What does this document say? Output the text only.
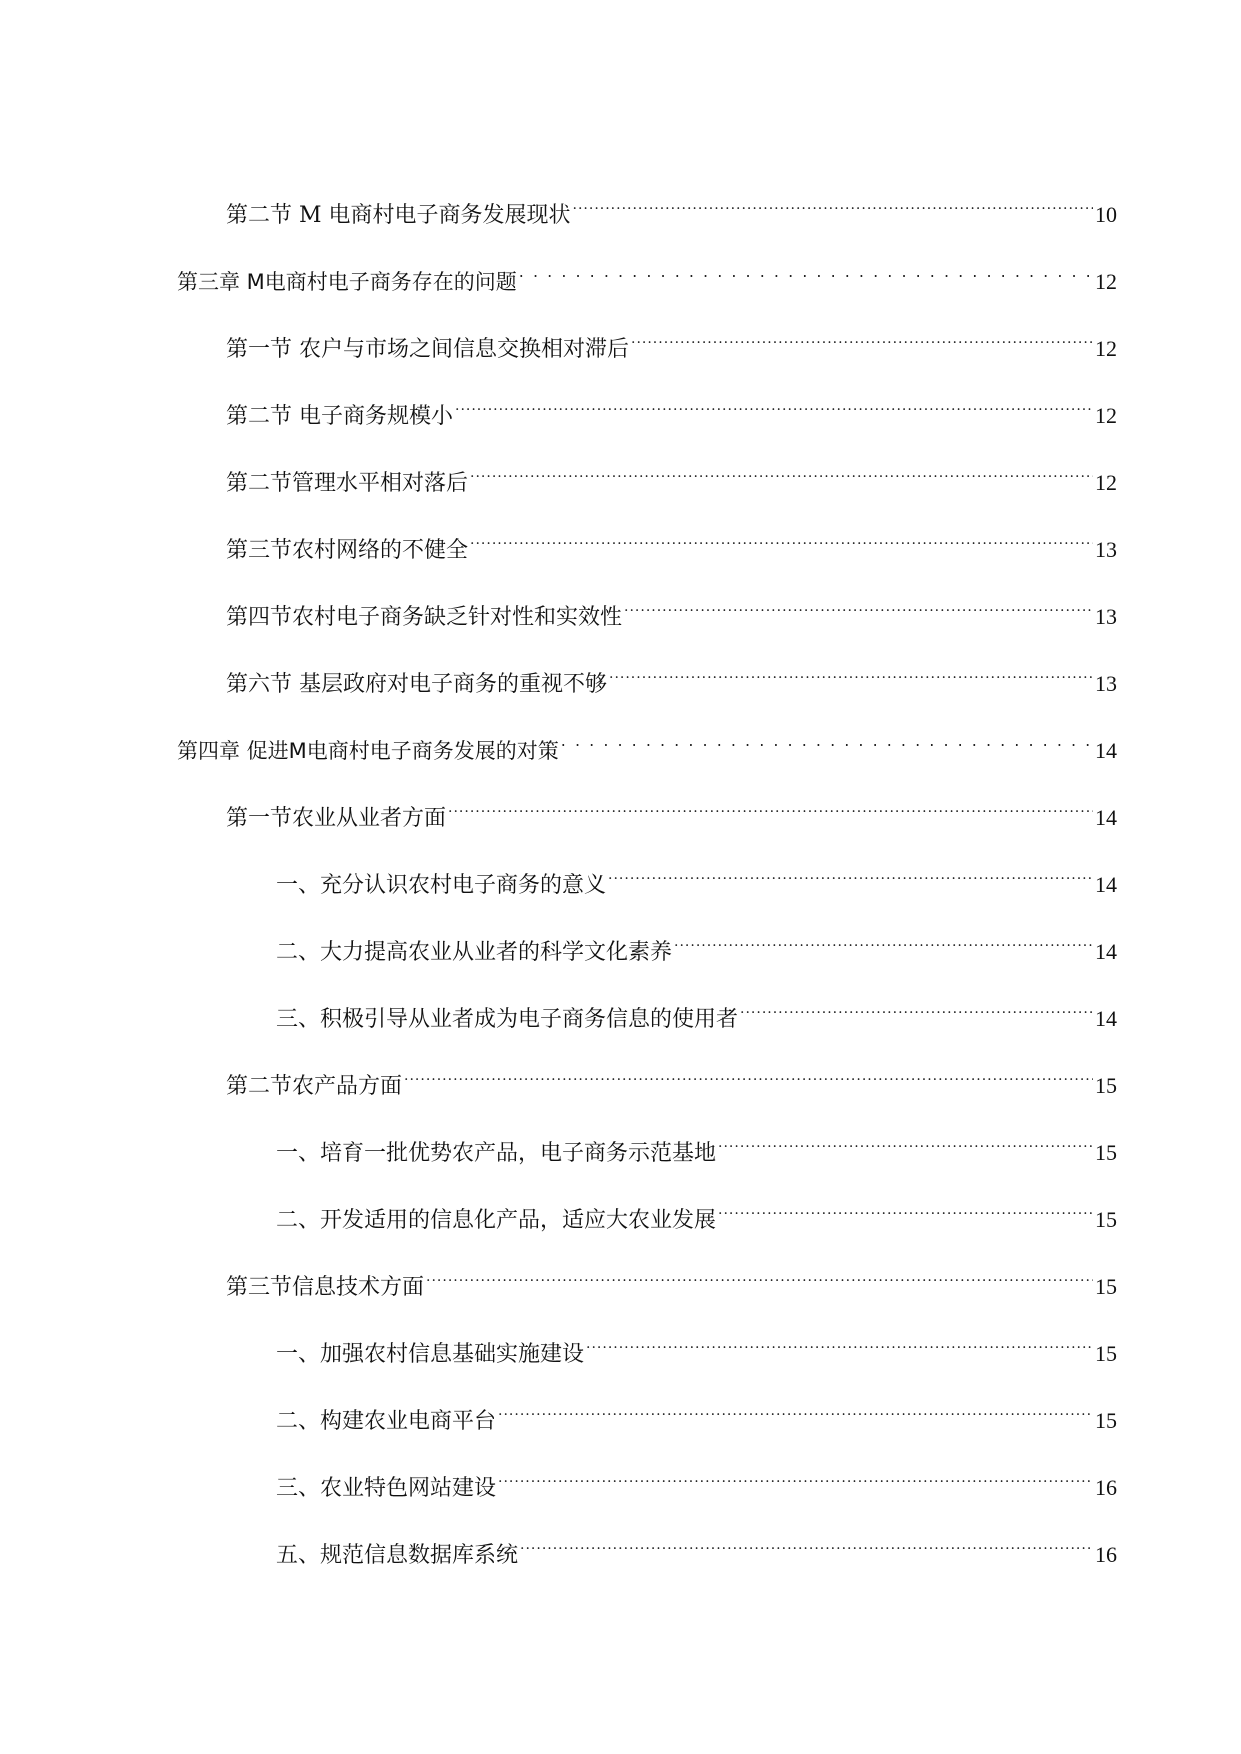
第二节 M 电商村电子商务发展现状 .....	10
第三章 M电商村电子商务存在的问题 . . .	12
第一节 农户与市场之间信息交换相对滞后 .....	12
第二节 电子商务规模小 .....	12
第二节管理水平相对落后 .....	12
第三节农村网络的不健全 .....	13
第四节农村电子商务缺乏针对性和实效性 .....	13
第六节 基层政府对电子商务的重视不够 .....	13
第四章 促进M电商村电子商务发展的对策 . . .	14
第一节农业从业者方面 .....	14
一、充分认识农村电子商务的意义 .....	14
二、大力提高农业从业者的科学文化素养 .....	14
三、积极引导从业者成为电子商务信息的使用者 .....	14
第二节农产品方面 .....	15
一、培育一批优势农产品，电子商务示范基地 .....	15
二、开发适用的信息化产品，适应大农业发展 .....	15
第三节信息技术方面 .....	15
一、加强农村信息基础实施建设 .....	15
二、构建农业电商平台 .....	15
三、农业特色网站建设 .....	16
五、规范信息数据库系统 .....	16
